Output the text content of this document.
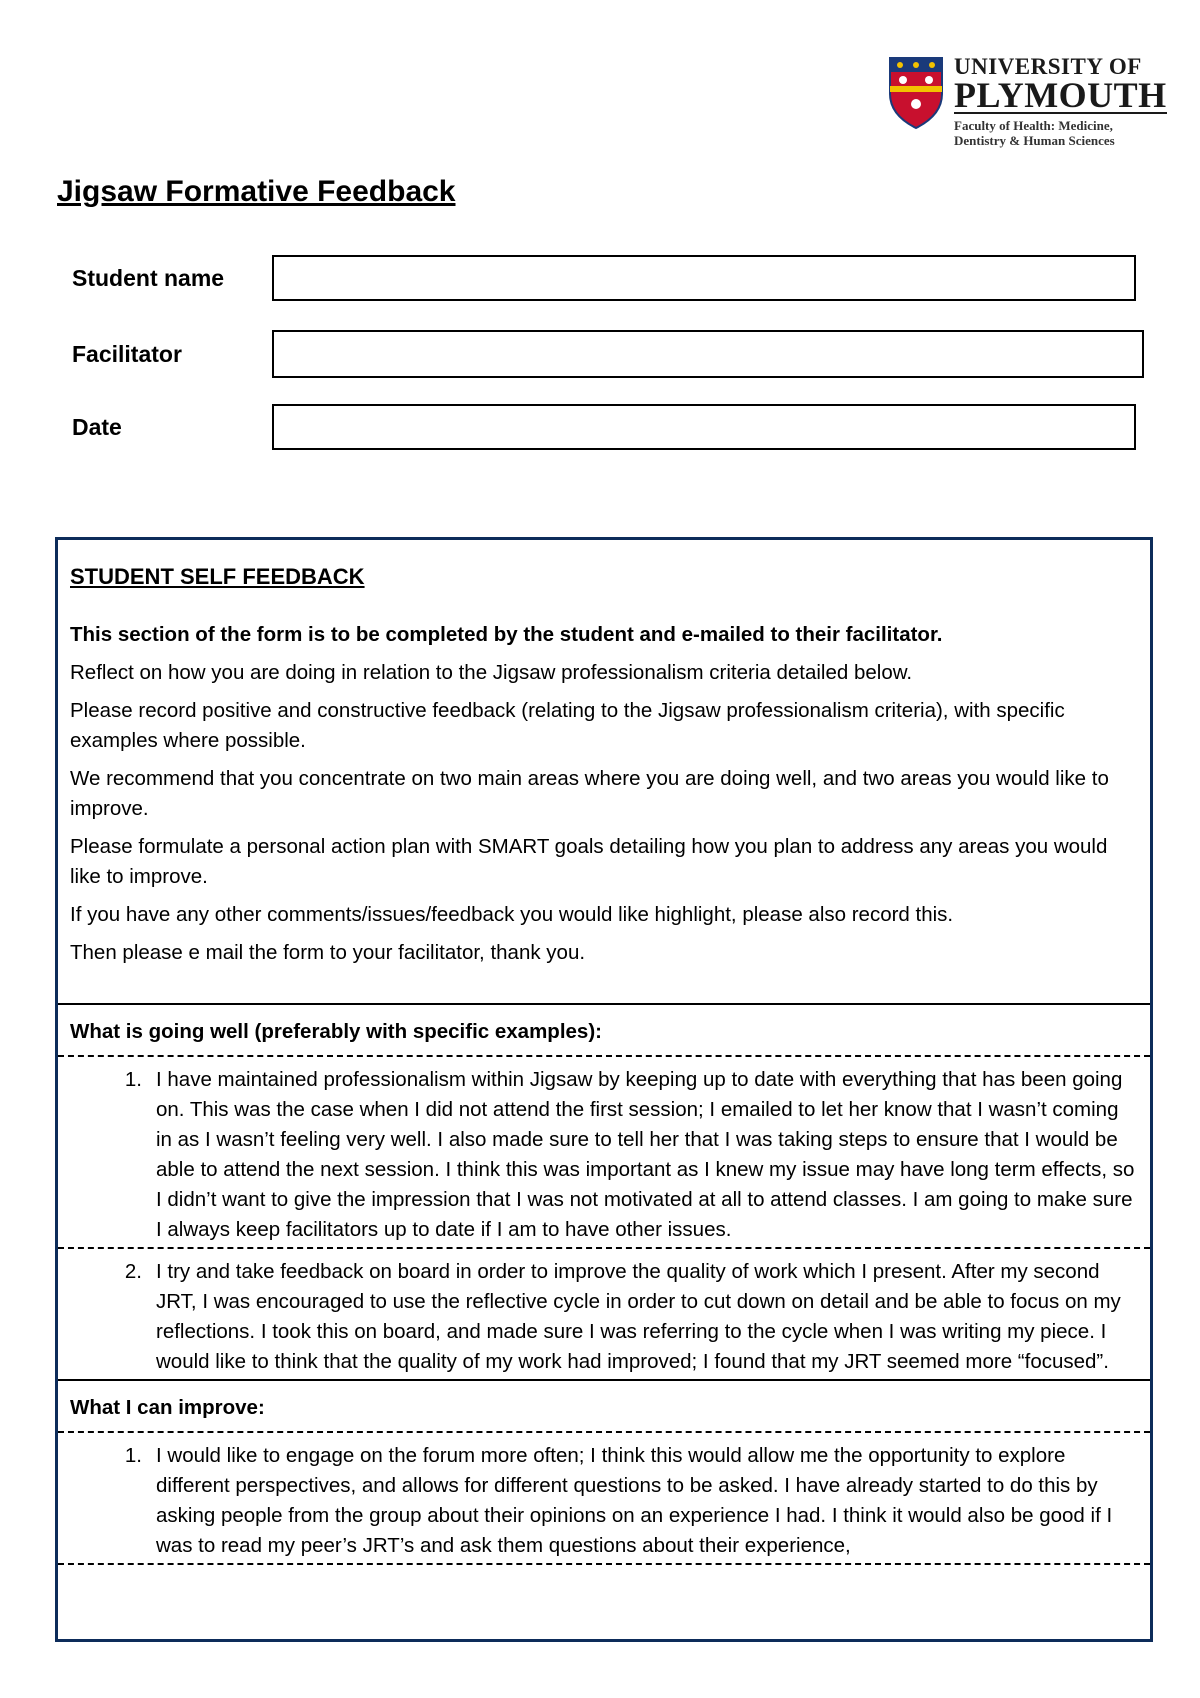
UNIVERSITY OF
PLYMOUTH
Faculty of Health: Medicine,
Dentistry & Human Sciences
Jigsaw Formative Feedback
Student name
Facilitator
Date
STUDENT SELF FEEDBACK

This section of the form is to be completed by the student and e-mailed to their facilitator.

Reflect on how you are doing in relation to the Jigsaw professionalism criteria detailed below.

Please record positive and constructive feedback (relating to the Jigsaw professionalism criteria), with specific examples where possible.

We recommend that you concentrate on two main areas where you are doing well, and two areas you would like to improve.

Please formulate a personal action plan with SMART goals detailing how you plan to address any areas you would like to improve.

If you have any other comments/issues/feedback you would like highlight, please also record this.

Then please e mail the form to your facilitator, thank you.

What is going well (preferably with specific examples):
1. I have maintained professionalism within Jigsaw by keeping up to date with everything that has been going on. This was the case when I did not attend the first session; I emailed to let her know that I wasn’t coming in as I wasn’t feeling very well. I also made sure to tell her that I was taking steps to ensure that I would be able to attend the next session. I think this was important as I knew my issue may have long term effects, so I didn’t want to give the impression that I was not motivated at all to attend classes. I am going to make sure I always keep facilitators up to date if I am to have other issues.
2. I try and take feedback on board in order to improve the quality of work which I present. After my second JRT, I was encouraged to use the reflective cycle in order to cut down on detail and be able to focus on my reflections. I took this on board, and made sure I was referring to the cycle when I was writing my piece. I would like to think that the quality of my work had improved; I found that my JRT seemed more “focused”.
What I can improve:
1. I would like to engage on the forum more often; I think this would allow me the opportunity to explore different perspectives, and allows for different questions to be asked. I have already started to do this by asking people from the group about their opinions on an experience I had. I think it would also be good if I was to read my peer’s JRT’s and ask them questions about their experience,
